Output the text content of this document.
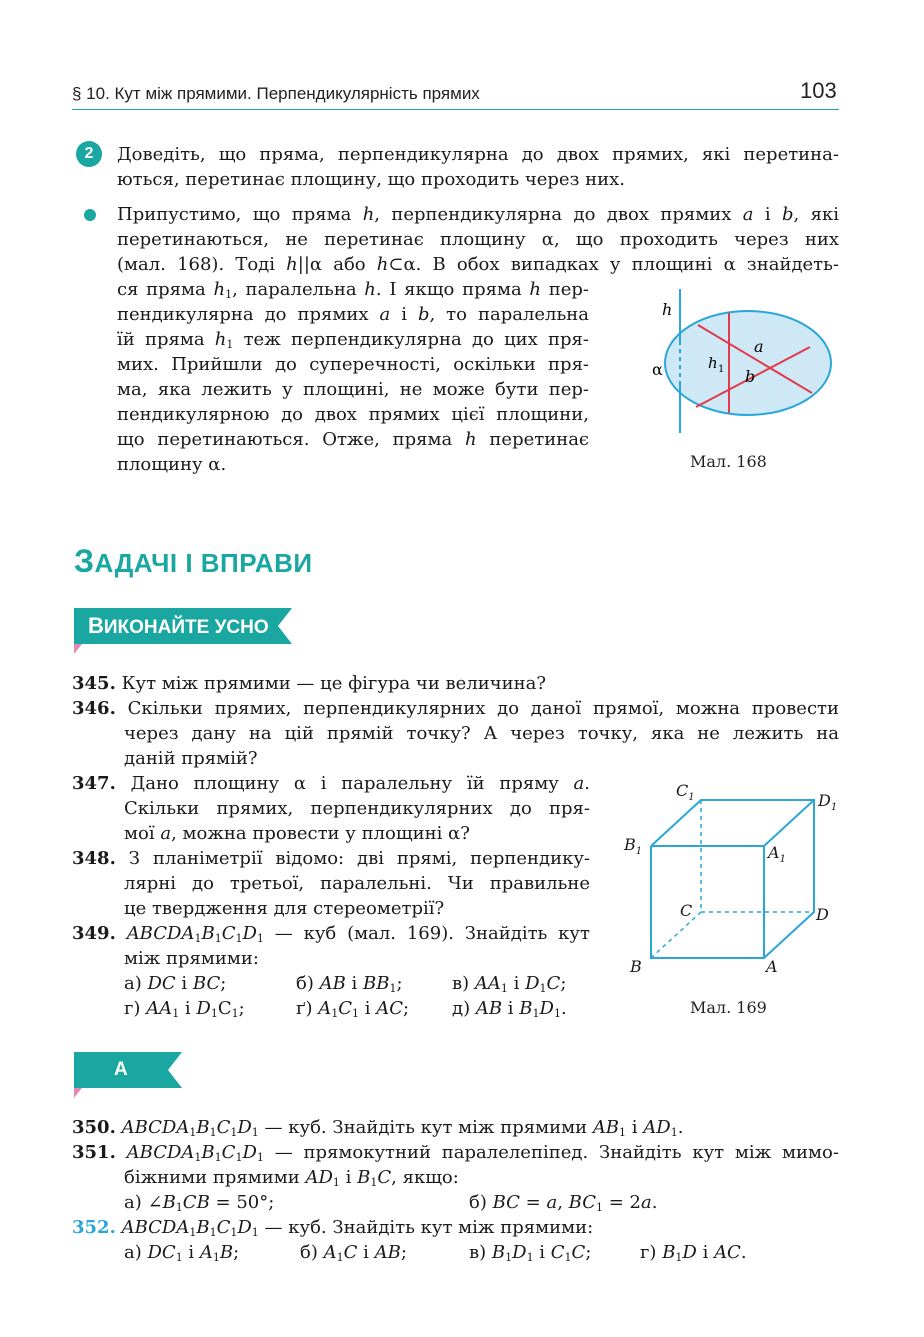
§ 10. Кут між прямими. Перпендикулярність прямих	103
2	Доведіть, що пряма, перпендикулярна до двох прямих, які перетина-
ються, перетинає площину, що проходить через них.
Припустимо, що пряма h, перпендикулярна до двох прямих a і b, які
перетинаються, не перетинає площину α, що проходить через них
(мал. 168). Тоді h||α або h⊂α. В обох випадках у площині α знайдеть-
ся пряма $h_1$, паралельна h. І якщо пряма h пер-
пендикулярна до прямих a і b, то паралельна
їй пряма $h_1$ теж перпендикулярна до цих пря-
мих. Прийшли до суперечності, оскільки пря-
ма, яка лежить у площині, не може бути пер-
пендикулярною до двох прямих цієї площини,
що перетинаються. Отже, пряма h перетинає
площину α.
h
α	h 1
a
b
Мал. 168
ЗАДАЧІ І ВПРАВИ
ВИКОНАЙТЕ УСНО
345. Кут між прямими — це фігура чи величина?
346. Скільки прямих, перпендикулярних до даної прямої, можна провести
через дану на цій прямій точку? А через точку, яка не лежить на
даній прямій?
347. Дано площину α і паралельну їй пряму a.
Скільки прямих, перпендикулярних до пря-
мої a, можна провести у площині α?
348. З планіметрії відомо: дві прямі, перпендику-
лярні до третьої, паралельні. Чи правильне
це твердження для стереометрії?
349. $ABCDA_1B_1C_1D_1$ — куб (мал. 169). Знайдіть кут
між прямими:
а) DC і BC;	б) AB і $BB_1$;	в) $AA_1$ і $D_1C$;
г) $AA_1$ і $D_1C_1$;	ґ) $A_1C_1$ і AC; д) AB і $B_1D_1$.
$C_1$	$D_1$
$B_1$	$A_1$
C	D
B	A
Мал. 169
А
350. $ABCDA_1B_1C_1D_1$ — куб. Знайдіть кут між прямими $AB_1$ і $AD_1$.
351. $ABCDA_1B_1C_1D_1$ — прямокутний паралелепіпед. Знайдіть кут між мимо-
біжними прямими $AD_1$ і $B_1C$, якщо:
а) $\angle B_1CB = 50^\circ$;	б) BC = a, $BC_1 = 2a$.
352. $ABCDA_1B_1C_1D_1$ — куб. Знайдіть кут між прямими:
а) $DC_1$ і $A_1B$;	б) $A_1C$ і AB;	в) $B_1D_1$ і $C_1C$;	г) $B_1D$ і AC.
